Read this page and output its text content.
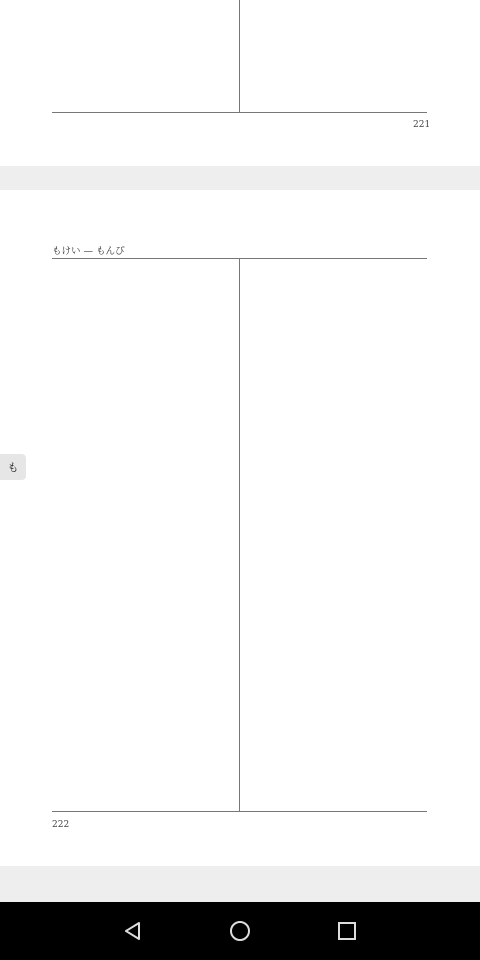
221
もけい — もんぴ
222
も
